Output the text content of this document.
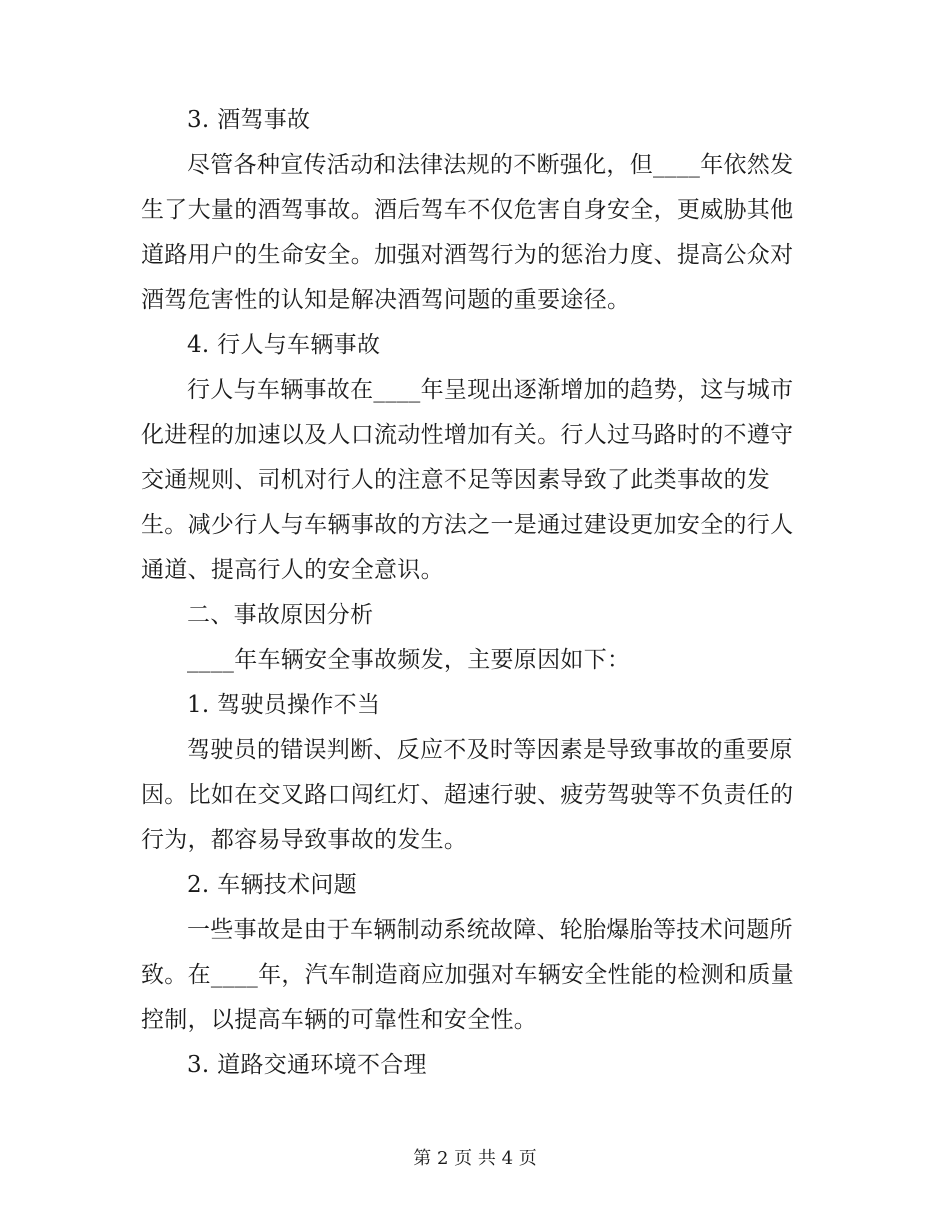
3. 酒驾事故
尽管各种宣传活动和法律法规的不断强化，但____年依然发
生了大量的酒驾事故。酒后驾车不仅危害自身安全，更威胁其他
道路用户的生命安全。加强对酒驾行为的惩治力度、提高公众对
酒驾危害性的认知是解决酒驾问题的重要途径。
4. 行人与车辆事故
行人与车辆事故在____年呈现出逐渐增加的趋势，这与城市
化进程的加速以及人口流动性增加有关。行人过马路时的不遵守
交通规则、司机对行人的注意不足等因素导致了此类事故的发
生。减少行人与车辆事故的方法之一是通过建设更加安全的行人
通道、提高行人的安全意识。
二、事故原因分析
____年车辆安全事故频发，主要原因如下：
1. 驾驶员操作不当
驾驶员的错误判断、反应不及时等因素是导致事故的重要原
因。比如在交叉路口闯红灯、超速行驶、疲劳驾驶等不负责任的
行为，都容易导致事故的发生。
2. 车辆技术问题
一些事故是由于车辆制动系统故障、轮胎爆胎等技术问题所
致。在____年，汽车制造商应加强对车辆安全性能的检测和质量
控制，以提高车辆的可靠性和安全性。
3. 道路交通环境不合理
第 2 页 共 4 页
